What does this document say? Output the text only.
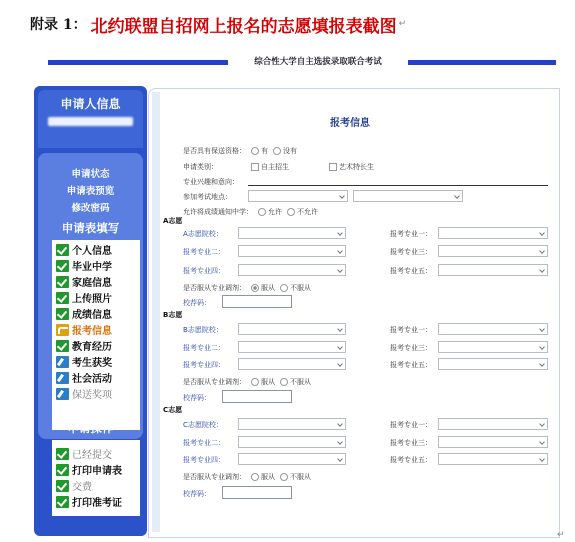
附录 1： 北约联盟自招网上报名的志愿填报表截图 ↵
综合性大学自主选拔录取联合考试
申请人信息
申请状态
申请表预览
修改密码
申请表填写
个人信息
毕业中学
家庭信息
上传照片
成绩信息
报考信息
教育经历
考生获奖
社会活动
保送奖项
申请操作
已经提交
打印申请表
交费
打印准考证
报考信息
是否具有保送资格： 有 没有
申请类别：	自主招生	艺术特长生
专业兴趣和意向：
参加考试地点：
允许将成绩通知中学： 允许 不允许
A志愿
A志愿院校：	报考专业一：
报考专业二：	报考专业三：
报考专业四：	报考专业五：
是否服从专业调剂： 服从 不服从
校荐码：
B志愿
B志愿院校：	报考专业一：
报考专业二：	报考专业三：
报考专业四：	报考专业五：
是否服从专业调剂： 服从 不服从
校荐码：
C志愿
C志愿院校：	报考专业一：
报考专业二：	报考专业三：
报考专业四：	报考专业五：
是否服从专业调剂： 服从 不服从
校荐码：
↵
